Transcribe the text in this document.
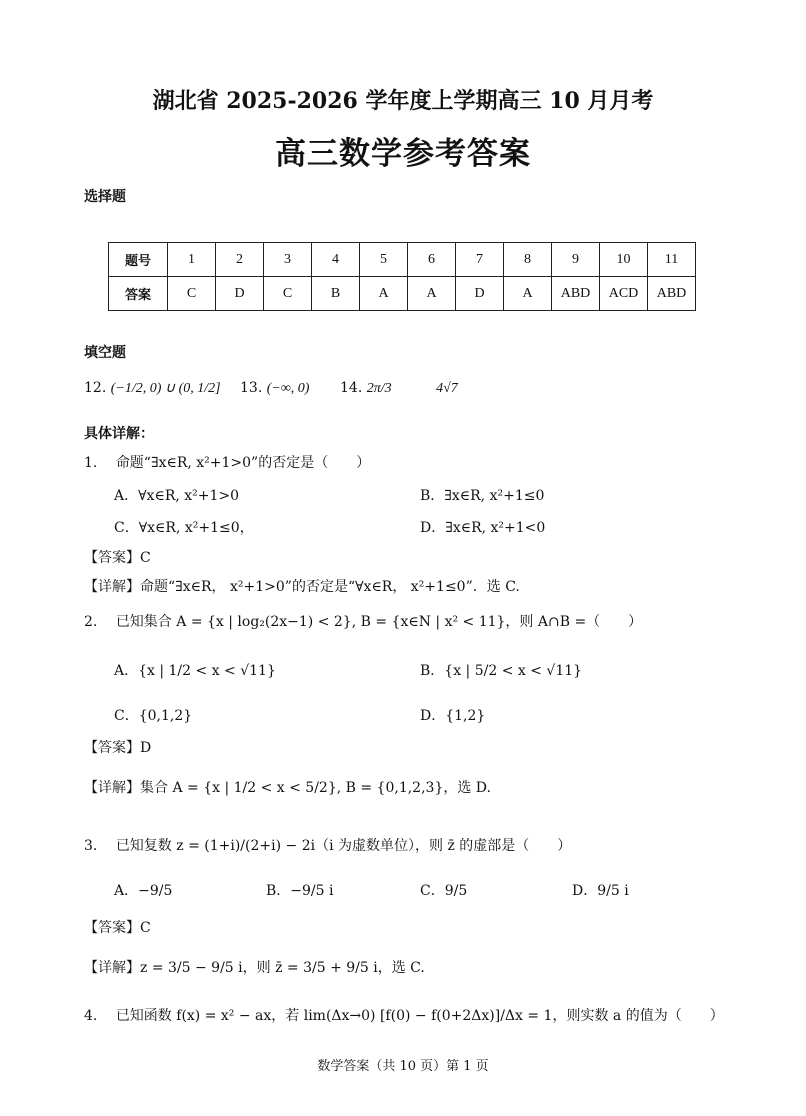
湖北省 2025-2026 学年度上学期高三 10 月月考
高三数学参考答案
选择题
题号	1	2	3	4	5	6	7	8	9	10	11
答案	C	D	C	B	A	A	D	A	ABD	ACD	ABD
填空题
12. (−1/2, 0) ∪ (0, 1/2] 13. (−∞, 0) 14. 2π/3	4√7
具体详解：
1. 命题“∃x∈R, x²+1>0”的否定是（　　）
A．∀x∈R, x²+1>0	B．∃x∈R, x²+1≤0
C．∀x∈R, x²+1≤0，	D．∃x∈R, x²+1<0
【答案】C
【详解】命题“∃x∈R， x²+1>0”的否定是“∀x∈R， x²+1≤0”．选 C.
2. 已知集合 A = {x | log₂(2x−1) < 2}, B = {x∈N | x² < 11}，则 A∩B =（　　）
A．{x | 1/2 < x < √11}	B．{x | 5/2 < x < √11}
C．{0,1,2}	D．{1,2}
【答案】D
【详解】集合 A = {x | 1/2 < x < 5/2}, B = {0,1,2,3}，选 D.
3. 已知复数 z = (1+i)/(2+i) − 2i（i 为虚数单位），则 z̄ 的虚部是（　　）
A．−9/5	B．−9/5 i	C．9/5	D．9/5 i
【答案】C
【详解】z = 3/5 − 9/5 i，则 z̄ = 3/5 + 9/5 i，选 C.
4. 已知函数 f(x) = x² − ax，若 lim(Δx→0) [f(0) − f(0+2Δx)]/Δx = 1，则实数 a 的值为（　　）
数学答案（共 10 页）第 1 页
